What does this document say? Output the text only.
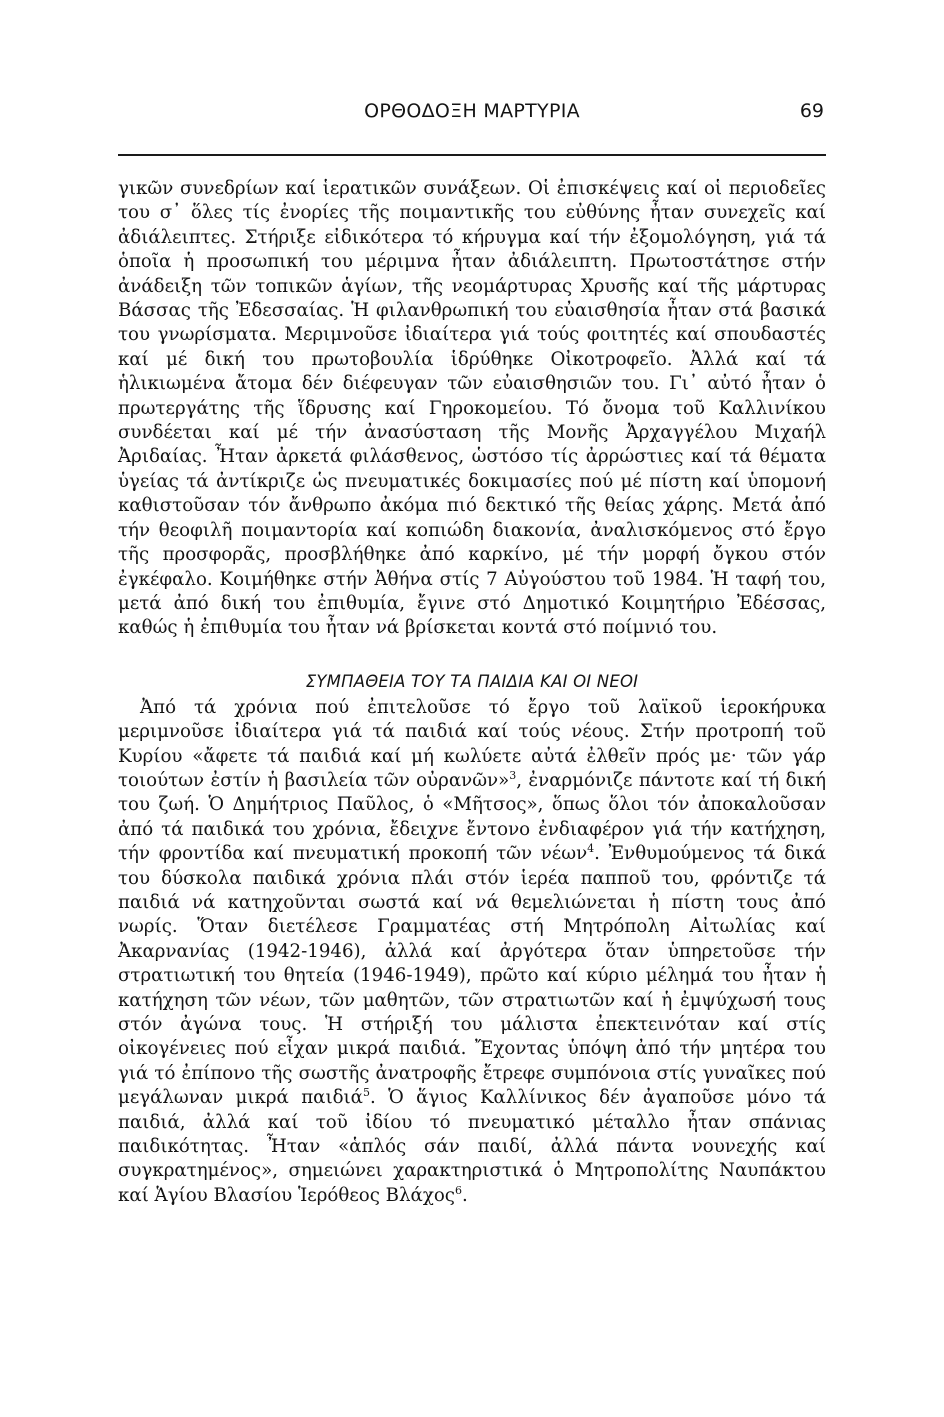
ΟΡΘΟΔΟΞΗ ΜΑΡΤΥΡΙΑ	69

γικῶν συνεδρίων καί ἱερατικῶν συνάξεων. Οἱ ἐπισκέψεις καί οἱ περιοδεῖες του σ᾽ ὅλες τίς ἐνορίες τῆς ποιμαντικῆς του εὐθύνης ἦταν συνεχεῖς καί ἀδιάλειπτες. Στήριξε εἰδικότερα τό κήρυγμα καί τήν ἐξομολόγηση, γιά τά ὁποῖα ἡ προσωπική του μέριμνα ἦταν ἀδιάλειπτη. Πρωτοστάτησε στήν ἀνάδειξη τῶν τοπικῶν ἁγίων, τῆς νεομάρτυρας Χρυσῆς καί τῆς μάρτυρας Βάσσας τῆς Ἐδεσσαίας. Ἡ φιλανθρωπική του εὐαισθησία ἦταν στά βασικά του γνωρίσματα. Μεριμνοῦσε ἰδιαίτερα γιά τούς φοιτητές καί σπουδαστές καί μέ δική του πρωτοβουλία ἱδρύθηκε Οἰκοτροφεῖο. Ἀλλά καί τά ἡλικιωμένα ἄτομα δέν διέφευγαν τῶν εὐαισθησιῶν του. Γι᾽ αὐτό ἦταν ὁ πρωτεργάτης τῆς ἵδρυσης καί Γηροκομείου. Τό ὄνομα τοῦ Καλλινίκου συνδέεται καί μέ τήν ἀνασύσταση τῆς Μονῆς Ἀρχαγγέλου Μιχαήλ Ἀριδαίας. Ἦταν ἀρκετά φιλάσθενος, ὡστόσο τίς ἀρρώστιες καί τά θέματα ὑγείας τά ἀντίκριζε ὡς πνευματικές δοκιμασίες πού μέ πίστη καί ὑπομονή καθιστοῦσαν τόν ἄνθρωπο ἀκόμα πιό δεκτικό τῆς θείας χάρης. Μετά ἀπό τήν θεοφιλῆ ποιμαντορία καί κοπιώδη διακονία, ἀναλισκόμενος στό ἔργο τῆς προσφορᾶς, προσβλήθηκε ἀπό καρκίνο, μέ τήν μορφή ὄγκου στόν ἐγκέφαλο. Κοιμήθηκε στήν Ἀθήνα στίς 7 Αὐγούστου τοῦ 1984. Ἡ ταφή του, μετά ἀπό δική του ἐπιθυμία, ἔγινε στό Δημοτικό Κοιμητήριο Ἐδέσσας, καθώς ἡ ἐπιθυμία του ἦταν νά βρίσκεται κοντά στό ποίμνιό του.

ΣΥΜΠΑΘΕΙΑ ΤΟΥ ΤΑ ΠΑΙΔΙΑ ΚΑΙ ΟΙ ΝΕΟΙ

Ἀπό τά χρόνια πού ἐπιτελοῦσε τό ἔργο τοῦ λαϊκοῦ ἱεροκήρυκα μεριμνοῦσε ἰδιαίτερα γιά τά παιδιά καί τούς νέους. Στήν προτροπή τοῦ Κυρίου «ἄφετε τά παιδιά καί μή κωλύετε αὐτά ἐλθεῖν πρός με· τῶν γάρ τοιούτων ἐστίν ἡ βασιλεία τῶν οὐρανῶν»$^3$, ἐναρμόνιζε πάντοτε καί τή δική του ζωή. Ὁ Δημήτριος Παῦλος, ὁ «Μῆτσος», ὅπως ὅλοι τόν ἀποκαλοῦσαν ἀπό τά παιδικά του χρόνια, ἔδειχνε ἔντονο ἐνδιαφέρον γιά τήν κατήχηση, τήν φροντίδα καί πνευματική προκοπή τῶν νέων$^4$. Ἐνθυμούμενος τά δικά του δύσκολα παιδικά χρόνια πλάι στόν ἱερέα παπποῦ του, φρόντιζε τά παιδιά νά κατηχοῦνται σωστά καί νά θεμελιώνεται ἡ πίστη τους ἀπό νωρίς. Ὅταν διετέλεσε Γραμματέας στή Μητρόπολη Αἰτωλίας καί Ἀκαρνανίας (1942-1946), ἀλλά καί ἀργότερα ὅταν ὑπηρετοῦσε τήν στρατιωτική του θητεία (1946-1949), πρῶτο καί κύριο μέλημά του ἦταν ἡ κατήχηση τῶν νέων, τῶν μαθητῶν, τῶν στρατιωτῶν καί ἡ ἐμψύχωσή τους στόν ἀγώνα τους. Ἡ στήριξή του μάλιστα ἐπεκτεινόταν καί στίς οἰκογένειες πού εἶχαν μικρά παιδιά. Ἔχοντας ὑπόψη ἀπό τήν μητέρα του γιά τό ἐπίπονο τῆς σωστῆς ἀνατροφῆς ἔτρεφε συμπόνοια στίς γυναῖκες πού μεγάλωναν μικρά παιδιά$^5$. Ὁ ἅγιος Καλλίνικος δέν ἀγαποῦσε μόνο τά παιδιά, ἀλλά καί τοῦ ἰδίου τό πνευματικό μέταλλο ἦταν σπάνιας παιδικότητας. Ἦταν «ἁπλός σάν παιδί, ἀλλά πάντα νουνεχής καί συγκρατημένος», σημειώνει χαρακτηριστικά ὁ Μητροπολίτης Ναυπάκτου καί Ἁγίου Βλασίου Ἱερόθεος Βλάχος$^6$.
